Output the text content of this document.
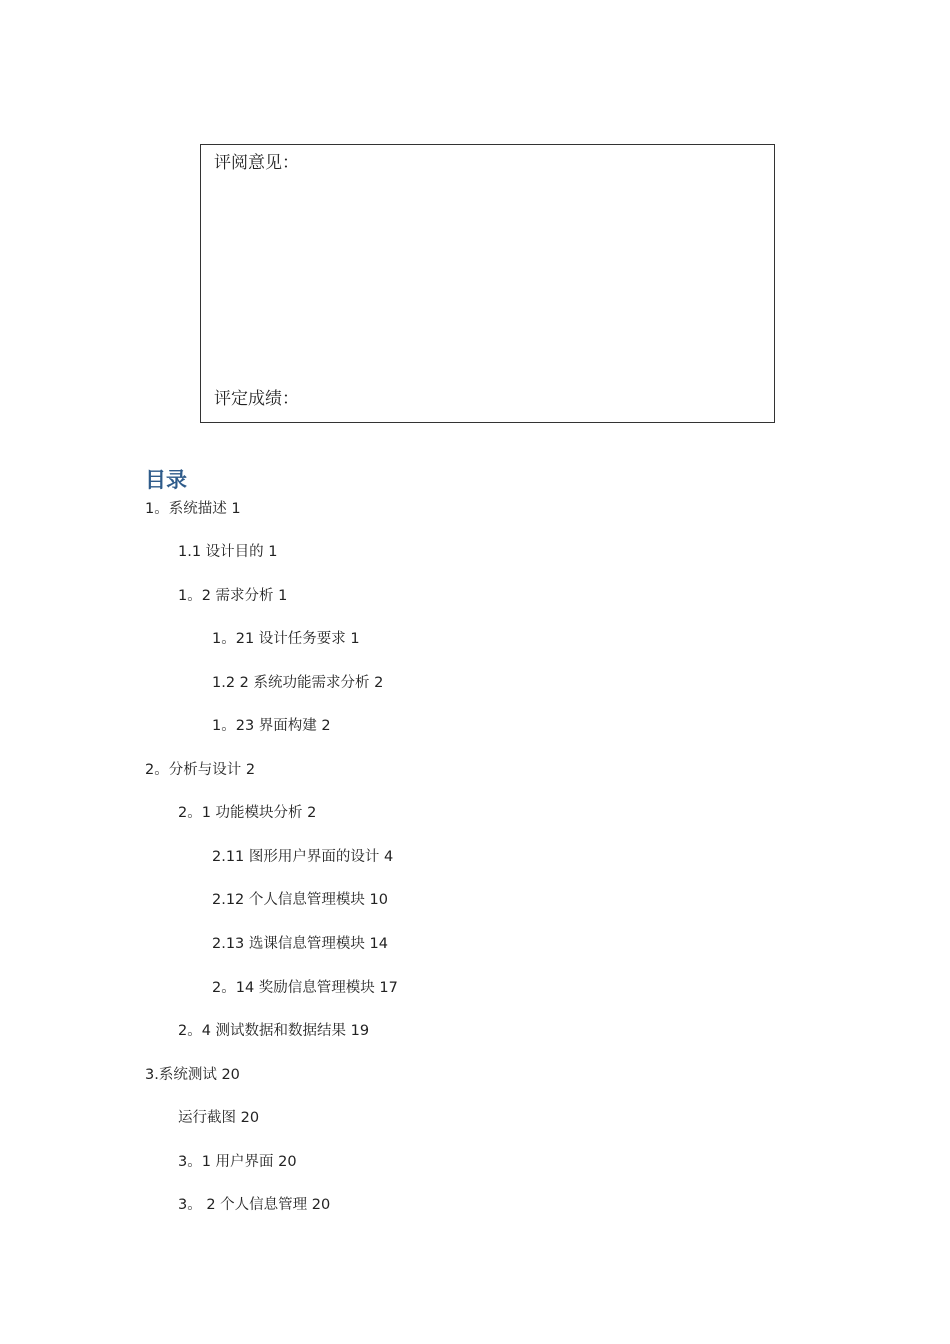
评阅意见：
评定成绩：
目录
1。系统描述 1
1.1 设计目的 1
1。2 需求分析 1
1。21 设计任务要求 1
1.2 2 系统功能需求分析 2
1。23 界面构建 2
2。分析与设计 2
2。1 功能模块分析 2
2.11 图形用户界面的设计 4
2.12 个人信息管理模块 10
2.13 选课信息管理模块 14
2。14 奖励信息管理模块 17
2。4 测试数据和数据结果 19
3.系统测试 20
运行截图 20
3。1 用户界面 20
3。 2 个人信息管理 20
